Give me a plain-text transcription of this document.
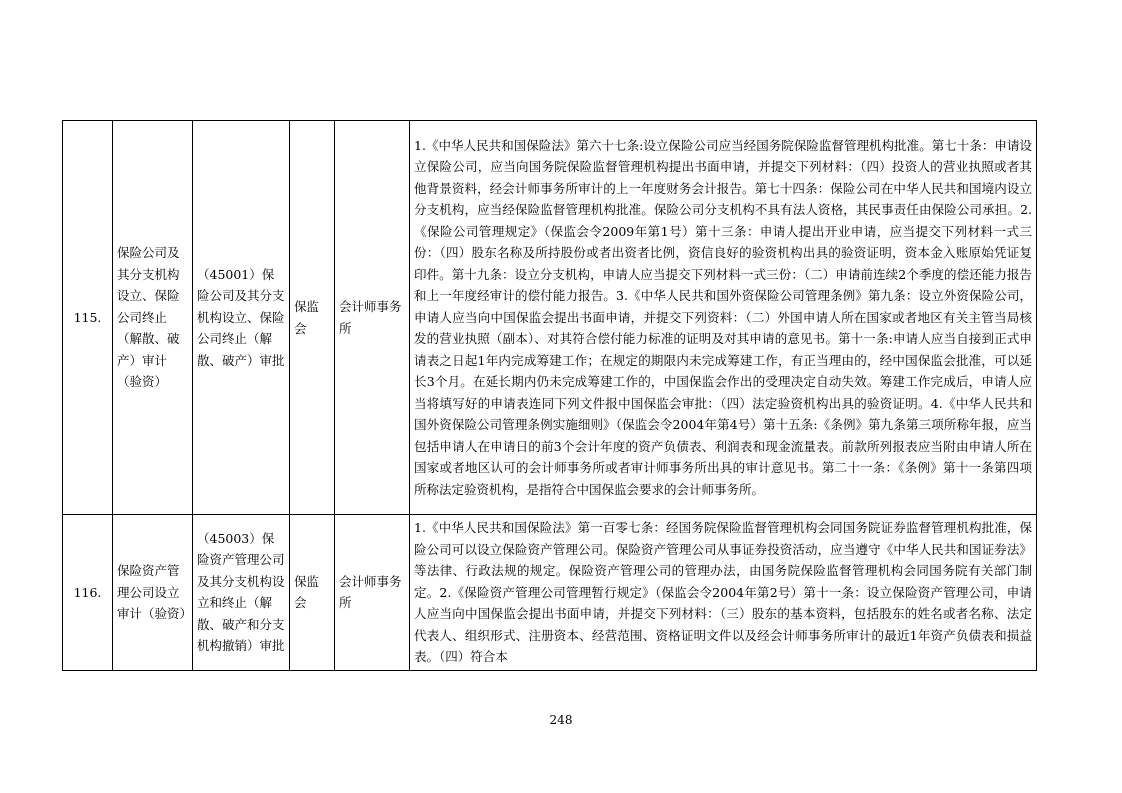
115.	保险公司及其分支机构设立、保险公司终止（解散、破产）审计（验资）	（45001）保险公司及其分支机构设立、保险公司终止（解散、破产）审批	保监会	会计师事务所	1.《中华人民共和国保险法》第六十七条:设立保险公司应当经国务院保险监督管理机构批准。第七十条：申请设立保险公司，应当向国务院保险监督管理机构提出书面申请，并提交下列材料：（四）投资人的营业执照或者其他背景资料，经会计师事务所审计的上一年度财务会计报告。第七十四条：保险公司在中华人民共和国境内设立分支机构，应当经保险监督管理机构批准。保险公司分支机构不具有法人资格，其民事责任由保险公司承担。2.《保险公司管理规定》（保监会令2009年第1号）第十三条：申请人提出开业申请，应当提交下列材料一式三份：（四）股东名称及所持股份或者出资者比例，资信良好的验资机构出具的验资证明，资本金入账原始凭证复印件。第十九条：设立分支机构，申请人应当提交下列材料一式三份：（二）申请前连续2个季度的偿还能力报告和上一年度经审计的偿付能力报告。3.《中华人民共和国外资保险公司管理条例》第九条：设立外资保险公司，申请人应当向中国保监会提出书面申请，并提交下列资料：（二）外国申请人所在国家或者地区有关主管当局核发的营业执照（副本）、对其符合偿付能力标准的证明及对其申请的意见书。第十一条:申请人应当自接到正式申请表之日起1年内完成筹建工作；在规定的期限内未完成筹建工作，有正当理由的，经中国保监会批准，可以延长3个月。在延长期内仍未完成筹建工作的，中国保监会作出的受理决定自动失效。筹建工作完成后，申请人应当将填写好的申请表连同下列文件报中国保监会审批：（四）法定验资机构出具的验资证明。4.《中华人民共和国外资保险公司管理条例实施细则》（保监会令2004年第4号）第十五条:《条例》第九条第三项所称年报，应当包括申请人在申请日的前3个会计年度的资产负债表、利润表和现金流量表。前款所列报表应当附由申请人所在国家或者地区认可的会计师事务所或者审计师事务所出具的审计意见书。第二十一条：《条例》第十一条第四项所称法定验资机构，是指符合中国保监会要求的会计师事务所。
116.	保险资产管理公司设立审计（验资）	（45003）保险资产管理公司及其分支机构设立和终止（解散、破产和分支机构撤销）审批	保监会	会计师事务所	1.《中华人民共和国保险法》第一百零七条：经国务院保险监督管理机构会同国务院证券监督管理机构批准，保险公司可以设立保险资产管理公司。保险资产管理公司从事证券投资活动，应当遵守《中华人民共和国证券法》等法律、行政法规的规定。保险资产管理公司的管理办法，由国务院保险监督管理机构会同国务院有关部门制定。2.《保险资产管理公司管理暂行规定》（保监会令2004年第2号）第十一条：设立保险资产管理公司，申请人应当向中国保监会提出书面申请，并提交下列材料：（三）股东的基本资料，包括股东的姓名或者名称、法定代表人、组织形式、注册资本、经营范围、资格证明文件以及经会计师事务所审计的最近1年资产负债表和损益表。（四）符合本
248
